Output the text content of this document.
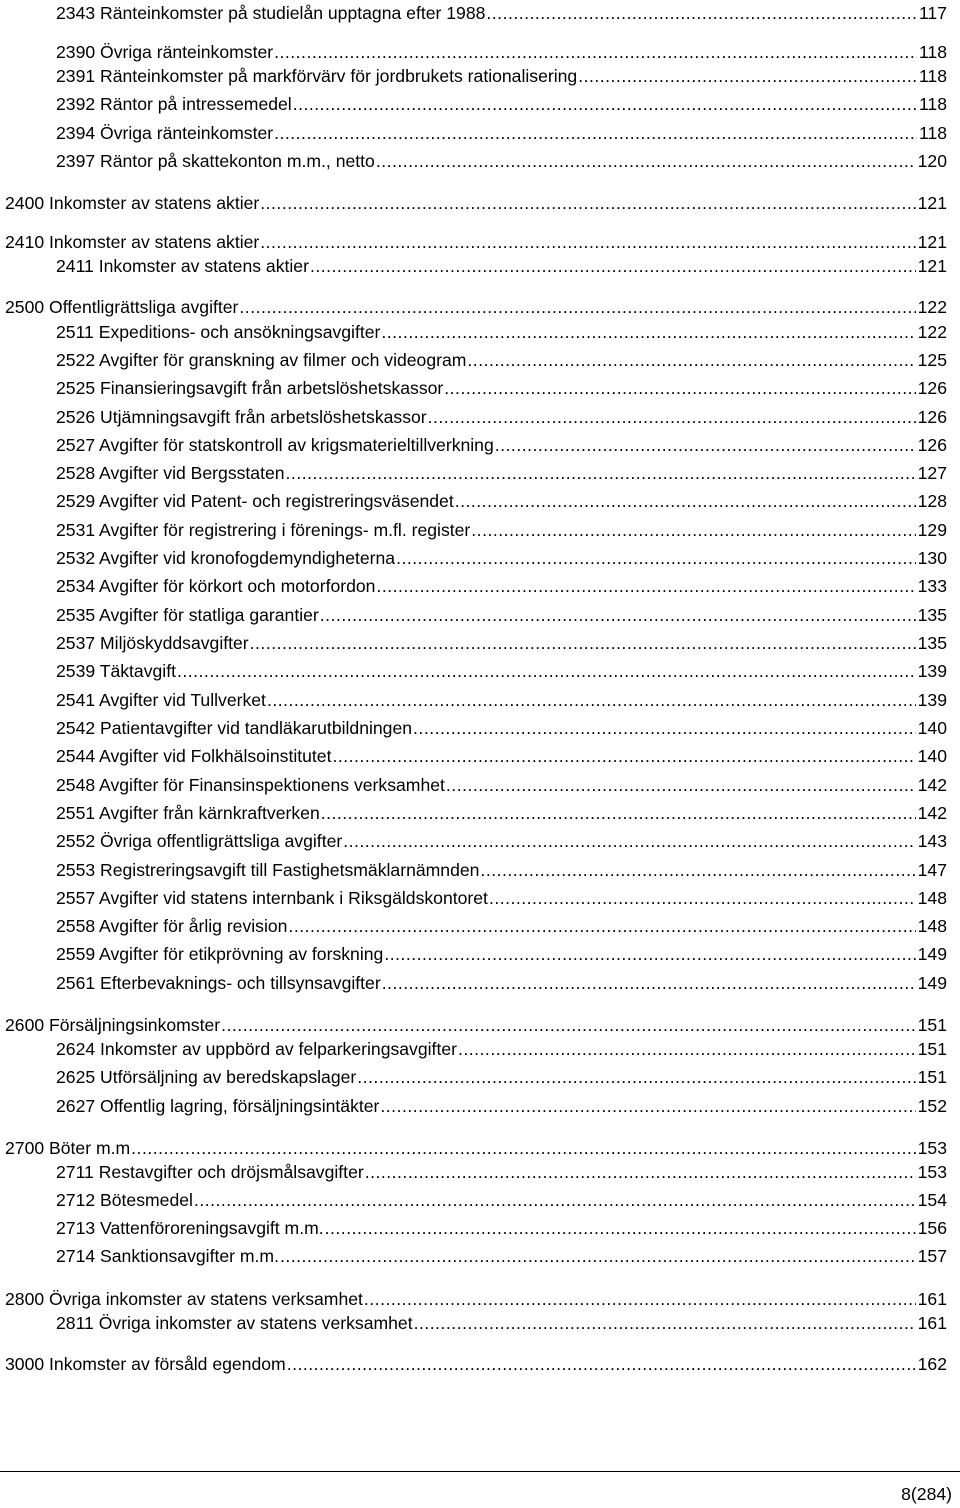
2343 Ränteinkomster på studielån upptagna efter 1988 .....	117
2390 Övriga ränteinkomster .....	118
2391 Ränteinkomster på markförvärv för jordbrukets rationalisering .....	118
2392 Räntor på intressemedel .....	118
2394 Övriga ränteinkomster .....	118
2397 Räntor på skattekonton m.m., netto .....	120
2400 Inkomster av statens aktier .....	121
2410 Inkomster av statens aktier .....	121
2411 Inkomster av statens aktier .....	121
2500 Offentligrättsliga avgifter .....	122
2511 Expeditions- och ansökningsavgifter .....	122
2522 Avgifter för granskning av filmer och videogram .....	125
2525 Finansieringsavgift från arbetslöshetskassor .....	126
2526 Utjämningsavgift från arbetslöshetskassor .....	126
2527 Avgifter för statskontroll av krigsmaterieltillverkning .....	126
2528 Avgifter vid Bergsstaten .....	127
2529 Avgifter vid Patent- och registreringsväsendet .....	128
2531 Avgifter för registrering i förenings- m.fl. register .....	129
2532 Avgifter vid kronofogdemyndigheterna .....	130
2534 Avgifter för körkort och motorfordon .....	133
2535 Avgifter för statliga garantier .....	135
2537 Miljöskyddsavgifter .....	135
2539 Täktavgift .....	139
2541 Avgifter vid Tullverket .....	139
2542 Patientavgifter vid tandläkarutbildningen .....	140
2544 Avgifter vid Folkhälsoinstitutet .....	140
2548 Avgifter för Finansinspektionens verksamhet .....	142
2551 Avgifter från kärnkraftverken .....	142
2552 Övriga offentligrättsliga avgifter .....	143
2553 Registreringsavgift till Fastighetsmäklarnämnden .....	147
2557 Avgifter vid statens internbank i Riksgäldskontoret .....	148
2558 Avgifter för årlig revision .....	148
2559 Avgifter för etikprövning av forskning .....	149
2561 Efterbevaknings- och tillsynsavgifter .....	149
2600 Försäljningsinkomster .....	151
2624 Inkomster av uppbörd av felparkeringsavgifter .....	151
2625 Utförsäljning av beredskapslager .....	151
2627 Offentlig lagring, försäljningsintäkter .....	152
2700 Böter m.m .....	153
2711 Restavgifter och dröjsmålsavgifter .....	153
2712 Bötesmedel .....	154
2713 Vattenföroreningsavgift m.m. .....	156
2714 Sanktionsavgifter m.m. .....	157
2800 Övriga inkomster av statens verksamhet .....	161
2811 Övriga inkomster av statens verksamhet .....	161
3000 Inkomster av försåld egendom .....	162
8(284)
